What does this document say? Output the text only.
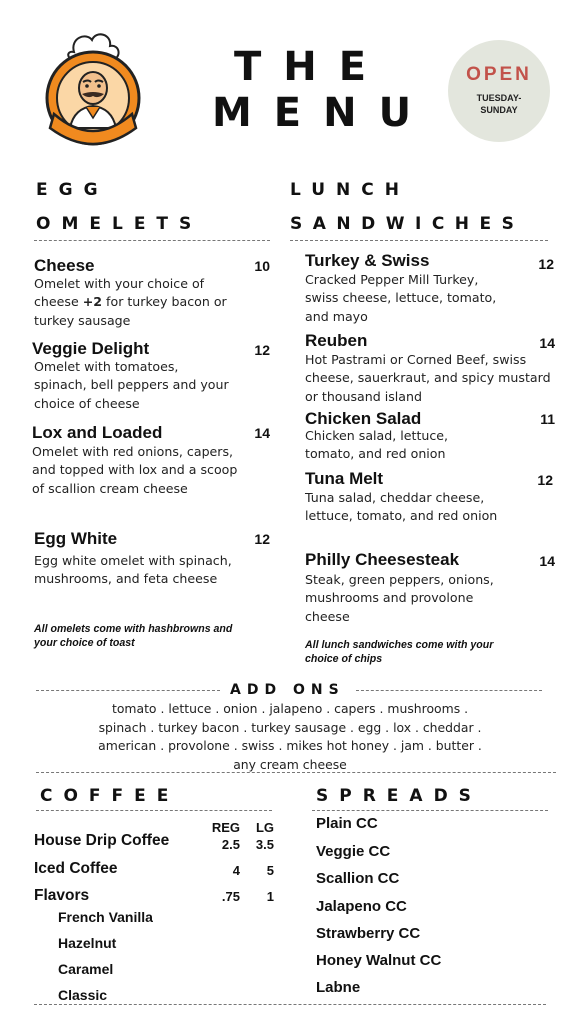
THE
MENU
OPEN
TUESDAY-
SUNDAY
EGG
OMELETS
Cheese	10
Omelet with your choice of cheese +2 for turkey bacon or turkey sausage
Veggie Delight	12
Omelet with tomatoes, spinach, bell peppers and your choice of cheese
Lox and Loaded	14
Omelet with red onions, capers, and topped with lox and a scoop of scallion cream cheese
Egg White	12
Egg white omelet with spinach, mushrooms, and feta cheese
All omelets come with hashbrowns and your choice of toast
LUNCH
SANDWICHES
Turkey & Swiss	12
Cracked Pepper Mill Turkey, swiss cheese, lettuce, tomato, and mayo
Reuben	14
Hot Pastrami or Corned Beef, swiss cheese, sauerkraut, and spicy mustard or thousand island
Chicken Salad	11
Chicken salad, lettuce, tomato, and red onion
Tuna Melt	12
Tuna salad, cheddar cheese, lettuce, tomato, and red onion
Philly Cheesesteak	14
Steak, green peppers, onions, mushrooms and provolone cheese
All lunch sandwiches come with your choice of chips
ADD ONS
tomato . lettuce . onion . jalapeno . capers . mushrooms .
spinach . turkey bacon . turkey sausage . egg . lox . cheddar .
american . provolone . swiss . mikes hot honey . jam . butter .
any cream cheese
COFFEE
REG	LG
House Drip Coffee	2.5	3.5
Iced Coffee	4	5
Flavors	.75	1
French Vanilla
Hazelnut
Caramel
Classic
SPREADS
Plain CC
Veggie CC
Scallion CC
Jalapeno CC
Strawberry CC
Honey Walnut CC
Labne
